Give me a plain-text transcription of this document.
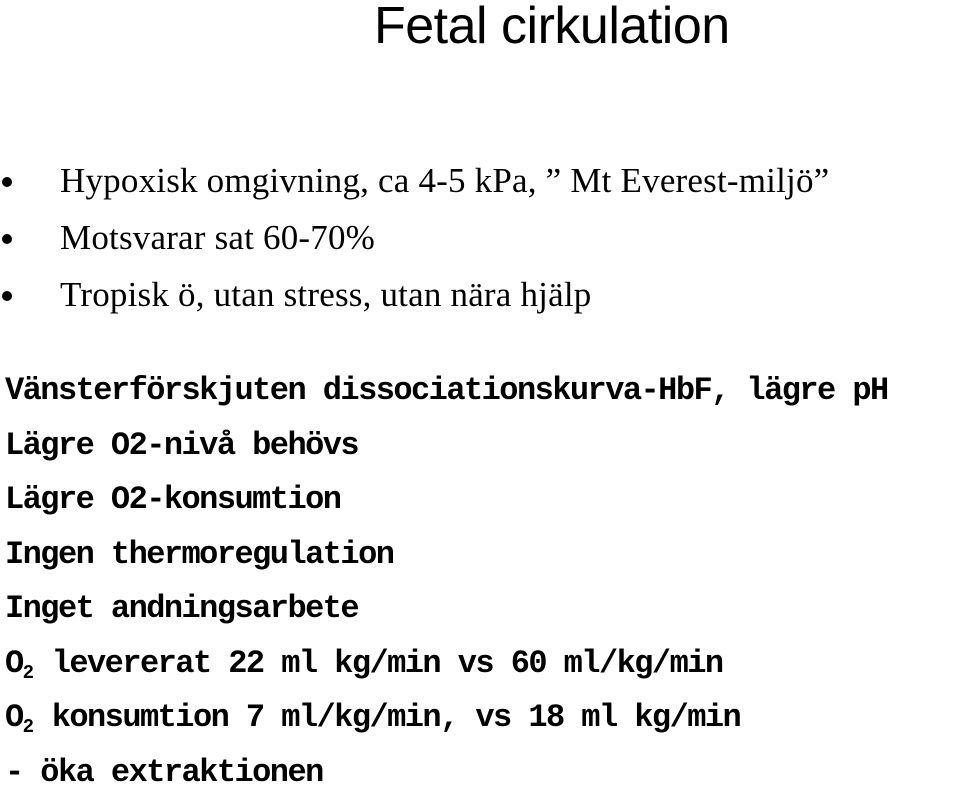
Fetal cirkulation
Hypoxisk omgivning, ca 4-5 kPa, ” Mt Everest-miljö”
Motsvarar sat 60-70%
Tropisk ö, utan stress, utan nära hjälp
Vänsterförskjuten dissociationskurva-HbF, lägre pH
Lägre O2-nivå behövs
Lägre O2-konsumtion
Ingen thermoregulation
Inget andningsarbete
$O_2$ levererat 22 ml kg/min vs 60 ml/kg/min
$O_2$ konsumtion 7 ml/kg/min, vs 18 ml kg/min
- öka extraktionen
